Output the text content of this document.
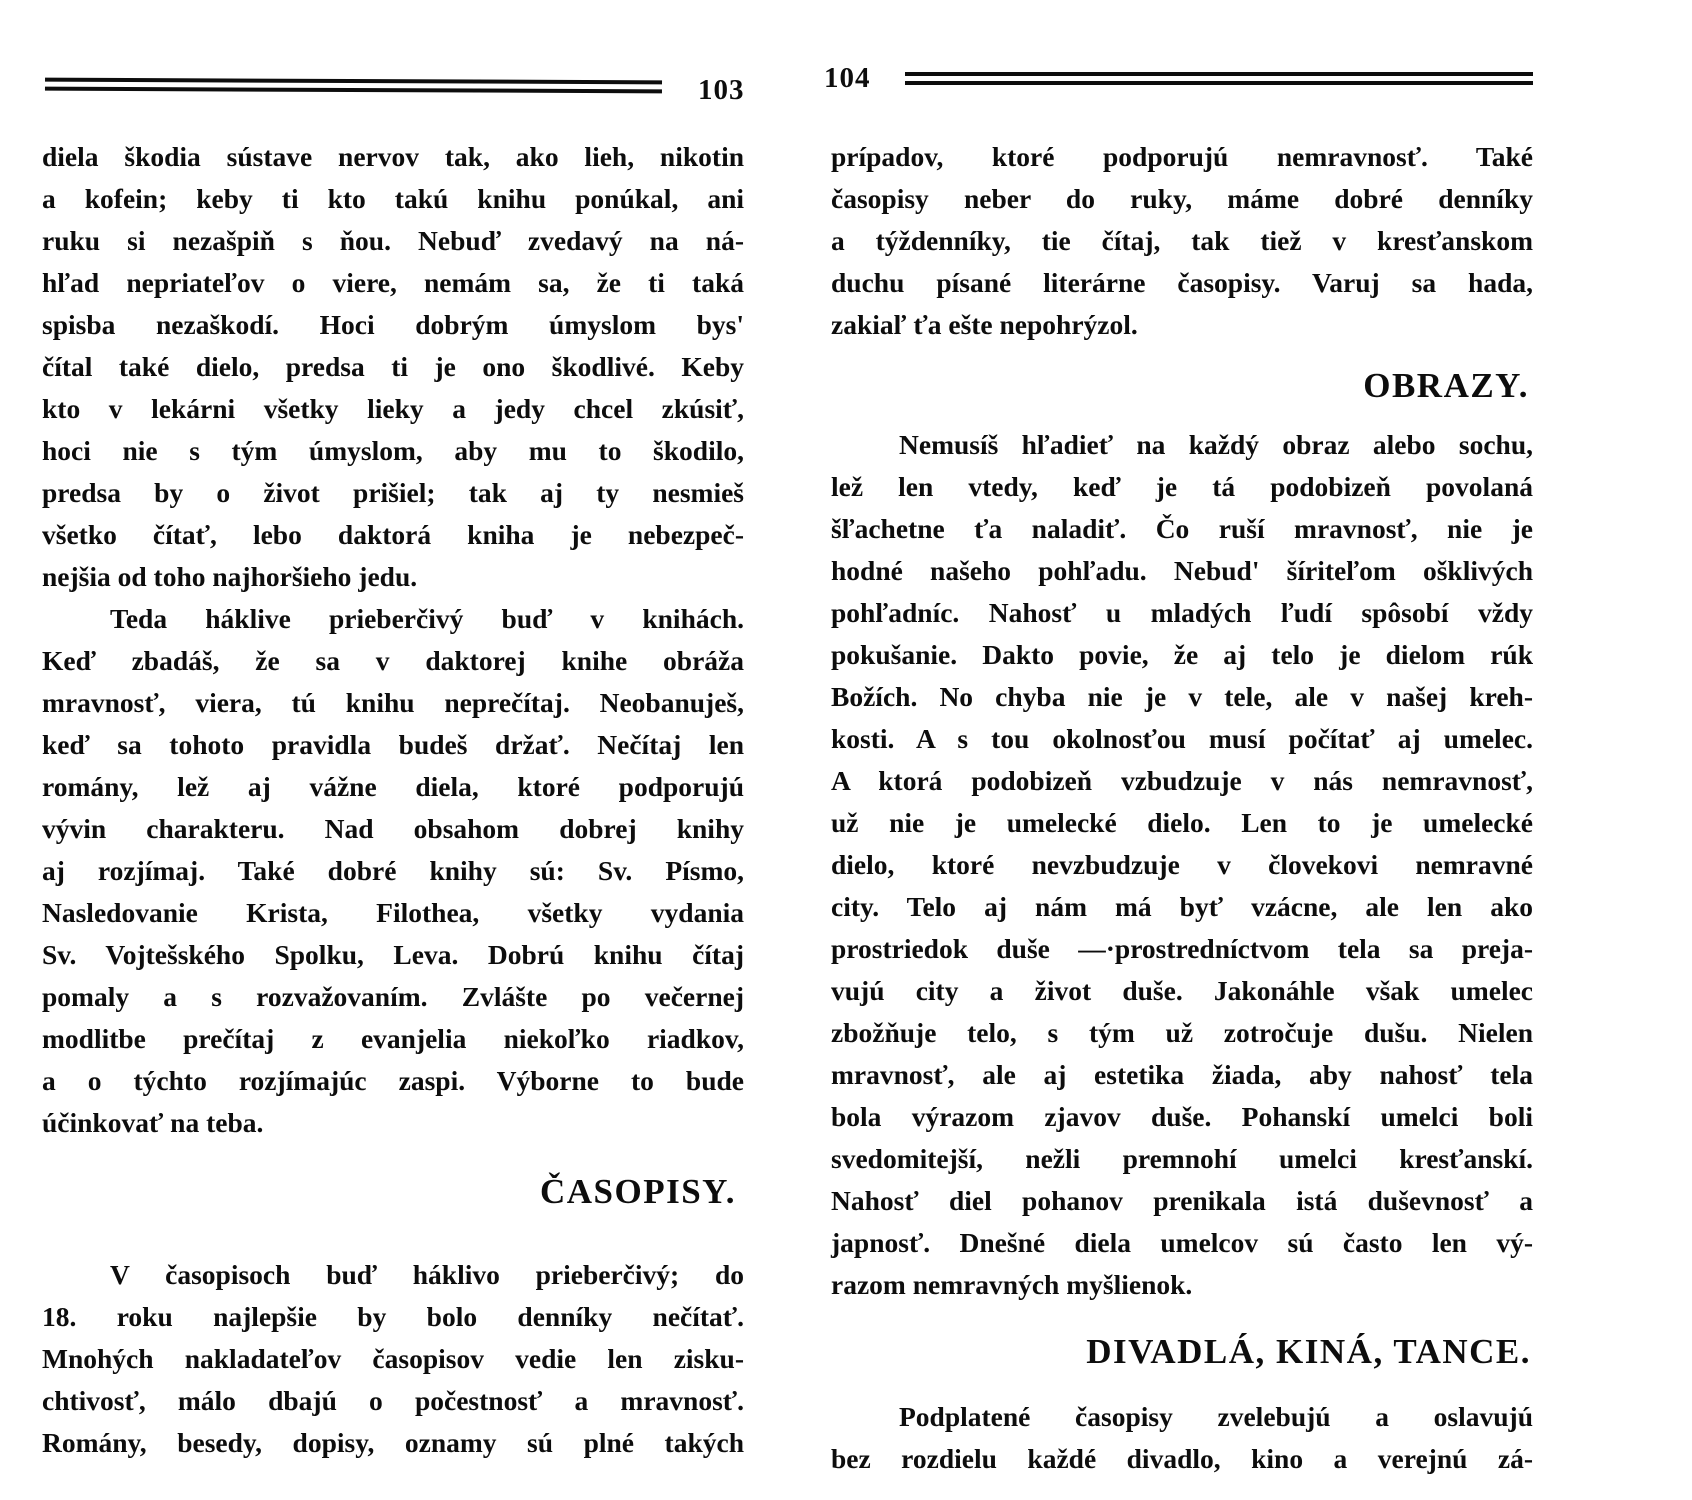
103	104
diela škodia sústave nervov tak, ako lieh, nikotin
a kofein; keby ti kto takú knihu ponúkal, ani
ruku si nezašpiň s ňou. Nebuď zvedavý na ná-
hľad nepriateľov o viere, nemám sa, že ti taká
spisba nezaškodí. Hoci dobrým úmyslom bys'
čítal také dielo, predsa ti je ono škodlivé. Keby
kto v lekárni všetky lieky a jedy chcel zkúsiť,
hoci nie s tým úmyslom, aby mu to škodilo,
predsa by o život prišiel; tak aj ty nesmieš
všetko čítať, lebo daktorá kniha je nebezpeč-
nejšia od toho najhoršieho jedu.
Teda háklive prieberčivý buď v knihách.
Keď zbadáš, že sa v daktorej knihe obráža
mravnosť, viera, tú knihu neprečítaj. Neobanuješ,
keď sa tohoto pravidla budeš držať. Nečítaj len
romány, lež aj vážne diela, ktoré podporujú
vývin charakteru. Nad obsahom dobrej knihy
aj rozjímaj. Také dobré knihy sú: Sv. Písmo,
Nasledovanie Krista, Filothea, všetky vydania
Sv. Vojtešského Spolku, Leva. Dobrú knihu čítaj
pomaly a s rozvažovaním. Zvlášte po večernej
modlitbe prečítaj z evanjelia niekoľko riadkov,
a o týchto rozjímajúc zaspi. Výborne to bude
účinkovať na teba.
ČASOPISY.
V časopisoch buď háklivo prieberčivý; do
18. roku najlepšie by bolo denníky nečítať.
Mnohých nakladateľov časopisov vedie len zisku-
chtivosť, málo dbajú o počestnosť a mravnosť.
Romány, besedy, dopisy, oznamy sú plné takých
prípadov, ktoré podporujú nemravnosť. Také
časopisy neber do ruky, máme dobré denníky
a týždenníky, tie čítaj, tak tiež v kresťanskom
duchu písané literárne časopisy. Varuj sa hada,
zakiaľ ťa ešte nepohrýzol.
OBRAZY.
Nemusíš hľadieť na každý obraz alebo sochu,
lež len vtedy, keď je tá podobizeň povolaná
šľachetne ťa naladiť. Čo ruší mravnosť, nie je
hodné našeho pohľadu. Nebud' šíriteľom ošklivých
pohľadníc. Nahosť u mladých ľudí spôsobí vždy
pokušanie. Dakto povie, že aj telo je dielom rúk
Božích. No chyba nie je v tele, ale v našej kreh-
kosti. A s tou okolnosťou musí počítať aj umelec.
A ktorá podobizeň vzbudzuje v nás nemravnosť,
už nie je umelecké dielo. Len to je umelecké
dielo, ktoré nevzbudzuje v človekovi nemravné
city. Telo aj nám má byť vzácne, ale len ako
prostriedok duše —·prostredníctvom tela sa preja-
vujú city a život duše. Jakonáhle však umelec
zbožňuje telo, s tým už zotročuje dušu. Nielen
mravnosť, ale aj estetika žiada, aby nahosť tela
bola výrazom zjavov duše. Pohanskí umelci boli
svedomitejší, nežli premnohí umelci kresťanskí.
Nahosť diel pohanov prenikala istá duševnosť a
japnosť. Dnešné diela umelcov sú často len vý-
razom nemravných myšlienok.
DIVADLÁ, KINÁ, TANCE.
Podplatené časopisy zvelebujú a oslavujú
bez rozdielu každé divadlo, kino a verejnú zá-
